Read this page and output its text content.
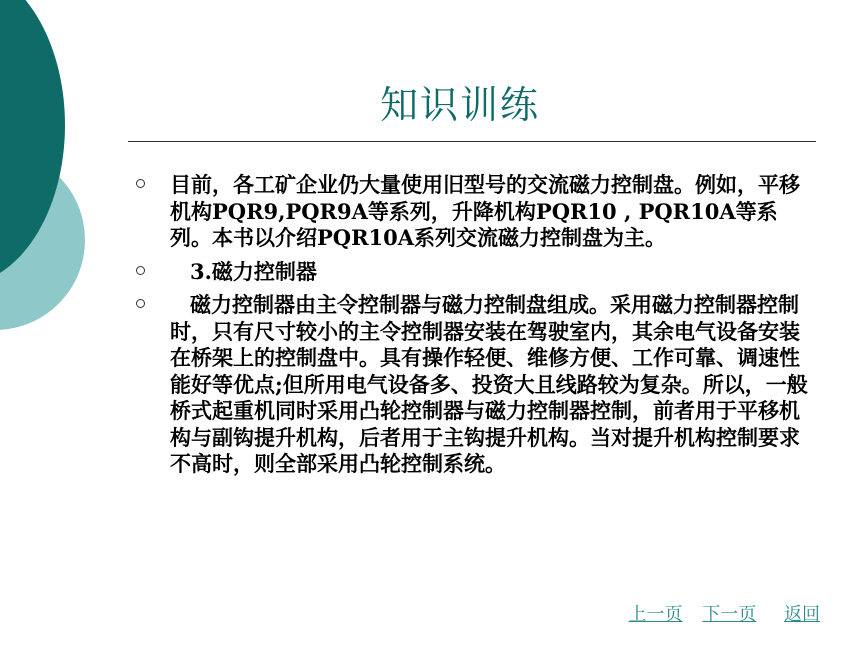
知识训练
目前，各工矿企业仍大量使用旧型号的交流磁力控制盘。例如，平移机构PQR9,PQR9A等系列，升降机构PQR10 , PQR10A等系列。本书以介绍PQR10A系列交流磁力控制盘为主。
3.磁力控制器
磁力控制器由主令控制器与磁力控制盘组成。采用磁力控制器控制时，只有尺寸较小的主令控制器安装在驾驶室内，其余电气设备安装在桥架上的控制盘中。具有操作轻便、维修方便、工作可靠、调速性能好等优点;但所用电气设备多、投资大且线路较为复杂。所以，一般桥式起重机同时采用凸轮控制器与磁力控制器控制，前者用于平移机构与副钩提升机构，后者用于主钩提升机构。当对提升机构控制要求不高时，则全部采用凸轮控制系统。
上一页 下一页 返回
